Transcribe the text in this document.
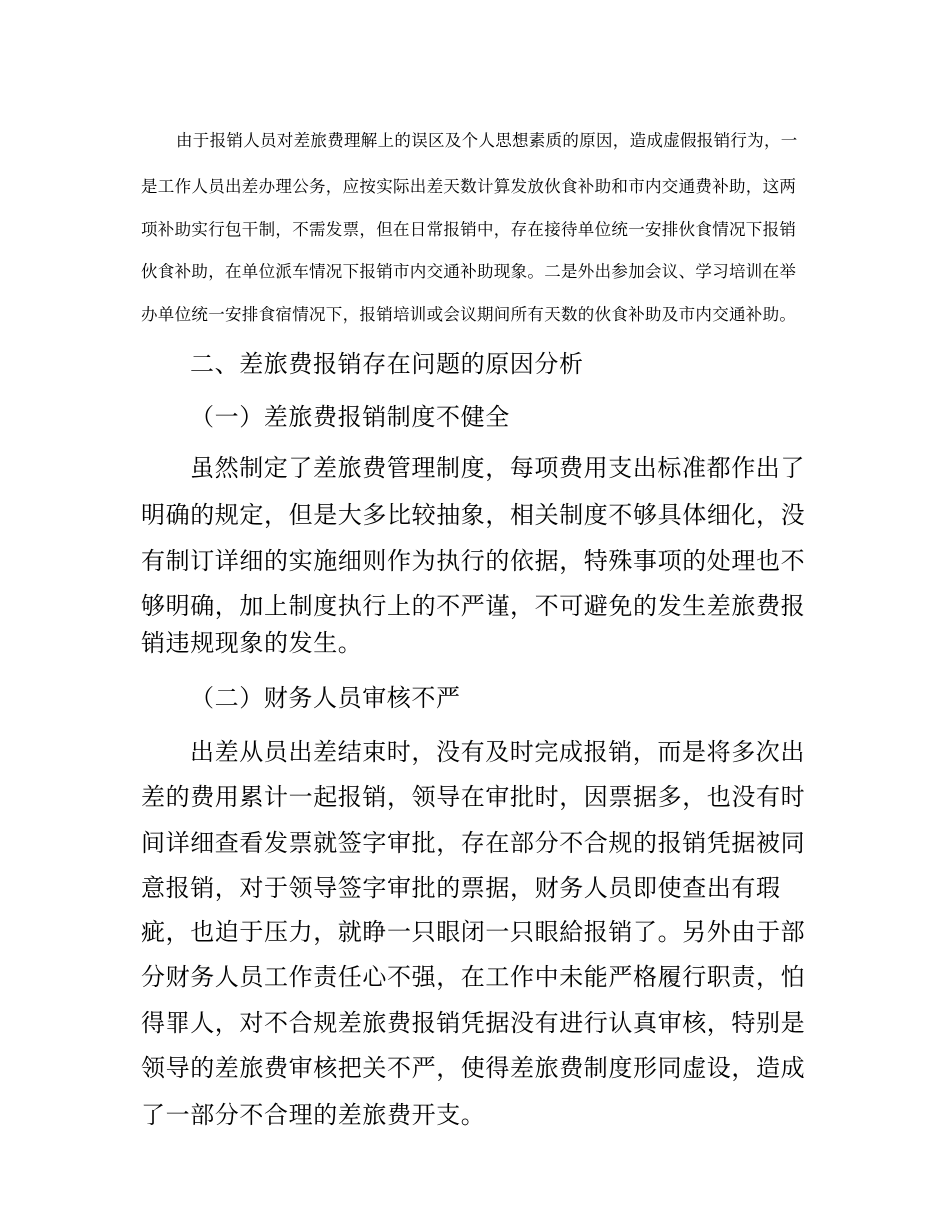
由于报销人员对差旅费理解上的误区及个人思想素质的原因，造成虚假报销行为，一

是工作人员出差办理公务，应按实际出差天数计算发放伙食补助和市内交通费补助，这两

项补助实行包干制，不需发票，但在日常报销中，存在接待单位统一安排伙食情况下报销

伙食补助，在单位派车情况下报销市内交通补助现象。二是外出参加会议、学习培训在举

办单位统一安排食宿情况下，报销培训或会议期间所有天数的伙食补助及市内交通补助。

二、差旅费报销存在问题的原因分析

（一）差旅费报销制度不健全

虽然制定了差旅费管理制度，每项费用支出标准都作出了

明确的规定，但是大多比较抽象，相关制度不够具体细化，没

有制订详细的实施细则作为执行的依据，特殊事项的处理也不

够明确，加上制度执行上的不严谨，不可避免的发生差旅费报

销违规现象的发生。

（二）财务人员审核不严

出差从员出差结束时，没有及时完成报销，而是将多次出

差的费用累计一起报销，领导在审批时，因票据多，也没有时

间详细查看发票就签字审批，存在部分不合规的报销凭据被同

意报销，对于领导签字审批的票据，财务人员即使查出有瑕

疵，也迫于压力，就睁一只眼闭一只眼給报销了。另外由于部

分财务人员工作责任心不强，在工作中未能严格履行职责，怕

得罪人，对不合规差旅费报销凭据没有进行认真审核，特别是

领导的差旅费审核把关不严，使得差旅费制度形同虚设，造成

了一部分不合理的差旅费开支。
